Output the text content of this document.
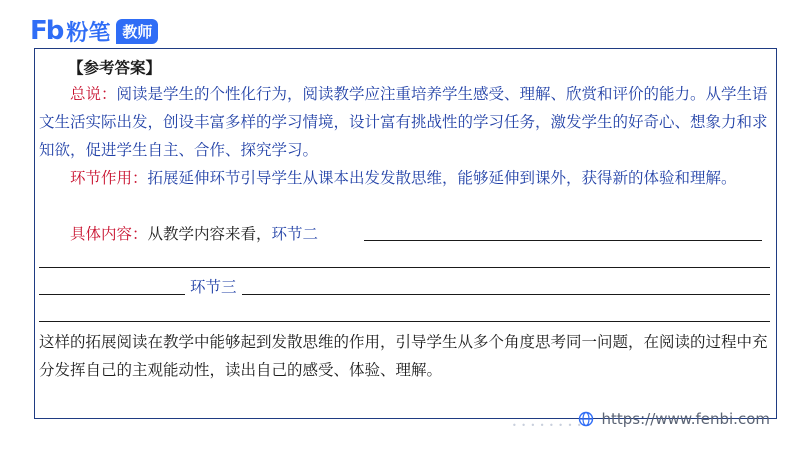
Fb 粉笔 教师
【参考答案】
总说：阅读是学生的个性化行为，阅读教学应注重培养学生感受、理解、欣赏和评价的能力。从学生语文生活实际出发，创设丰富多样的学习情境，设计富有挑战性的学习任务，激发学生的好奇心、想象力和求知欲，促进学生自主、合作、探究学习。
环节作用：拓展延伸环节引导学生从课本出发发散思维，能够延伸到课外，获得新的体验和理解。
具体内容：从教学内容来看，环节二
环节三
这样的拓展阅读在教学中能够起到发散思维的作用，引导学生从多个角度思考同一问题，在阅读的过程中充分发挥自己的主观能动性，读出自己的感受、体验、理解。
• • • • • • • • • https://www.fenbi.com
